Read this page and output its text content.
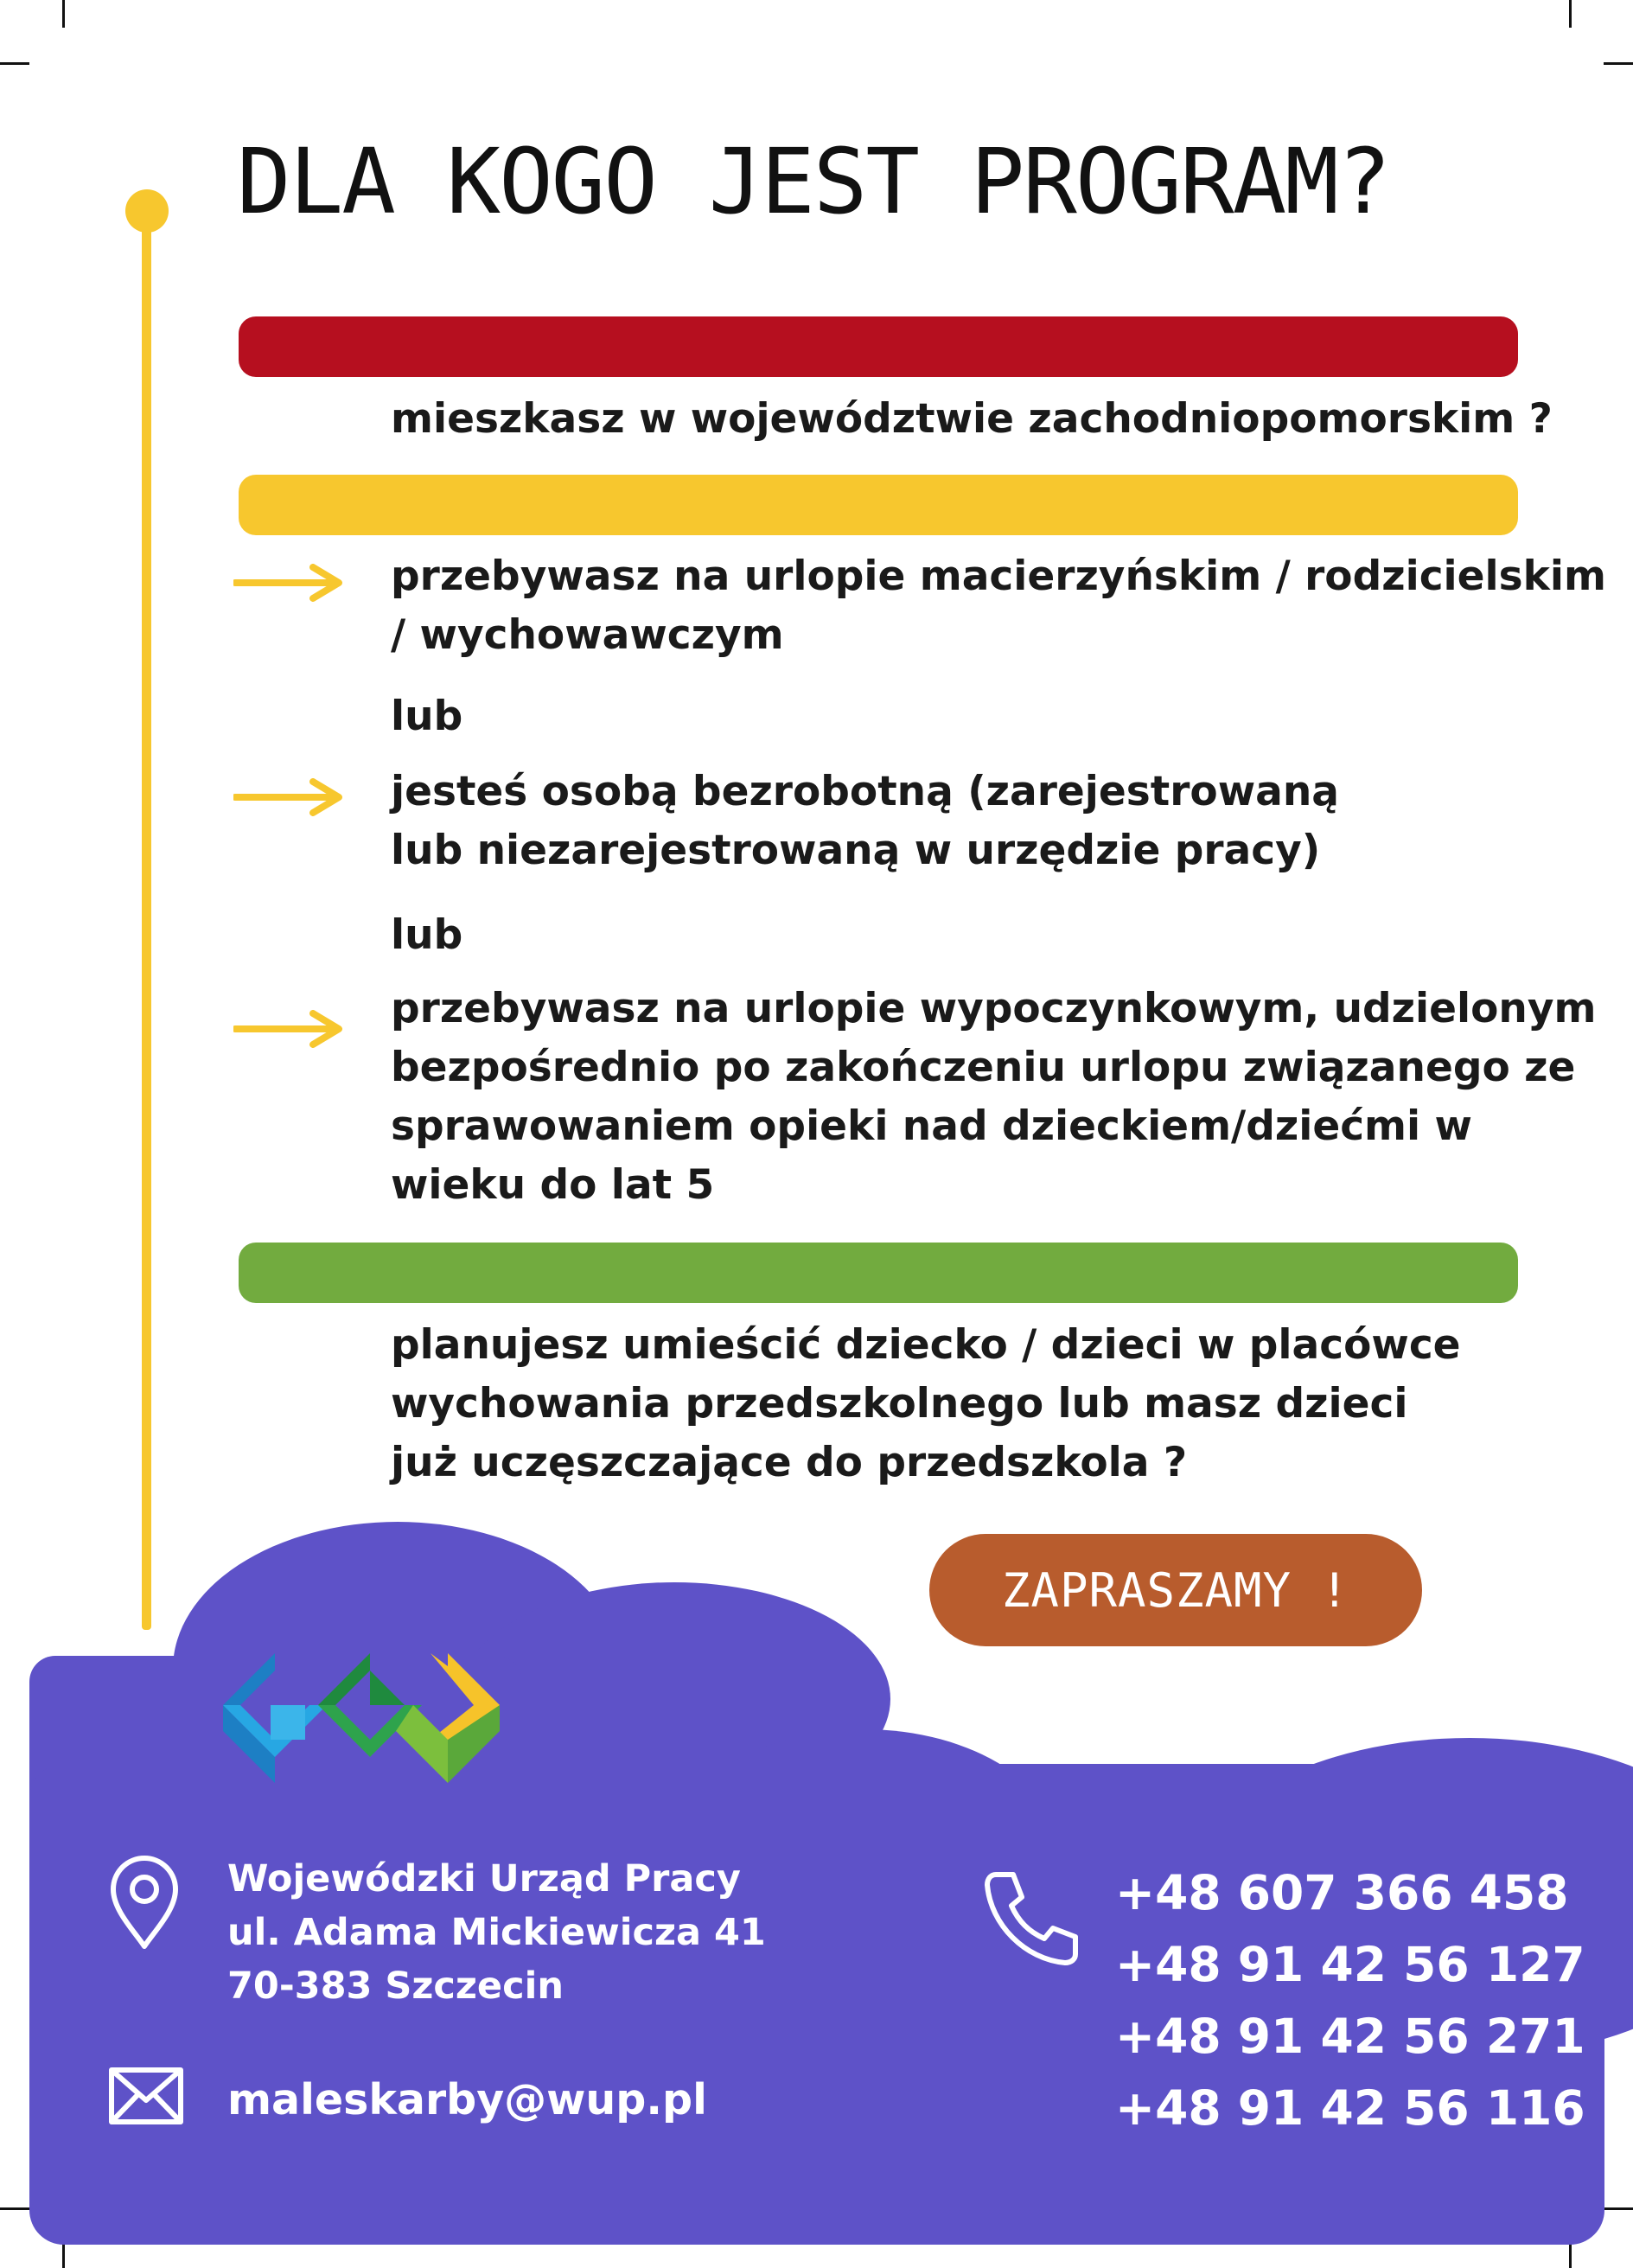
DLA KOGO JEST PROGRAM?

mieszkasz w województwie zachodniopomorskim ?

przebywasz na urlopie macierzyńskim / rodzicielskim

/ wychowawczym

lub

jesteś osobą bezrobotną (zarejestrowaną

lub niezarejestrowaną w urzędzie pracy)

lub

przebywasz na urlopie wypoczynkowym, udzielonym

bezpośrednio po zakończeniu urlopu związanego ze

sprawowaniem opieki nad dzieckiem/dziećmi w

wieku do lat 5

planujesz umieścić dziecko / dzieci w placówce

wychowania przedszkolnego lub masz dzieci

już uczęszczające do przedszkola ?

Wojewódzki Urząd Pracy
ul. Adama Mickiewicza 41
70-383 Szczecin
maleskarby@wup.pl
+48 607 366 458
+48 91 42 56 127
+48 91 42 56 271
+48 91 42 56 116
ZAPRASZAMY !
